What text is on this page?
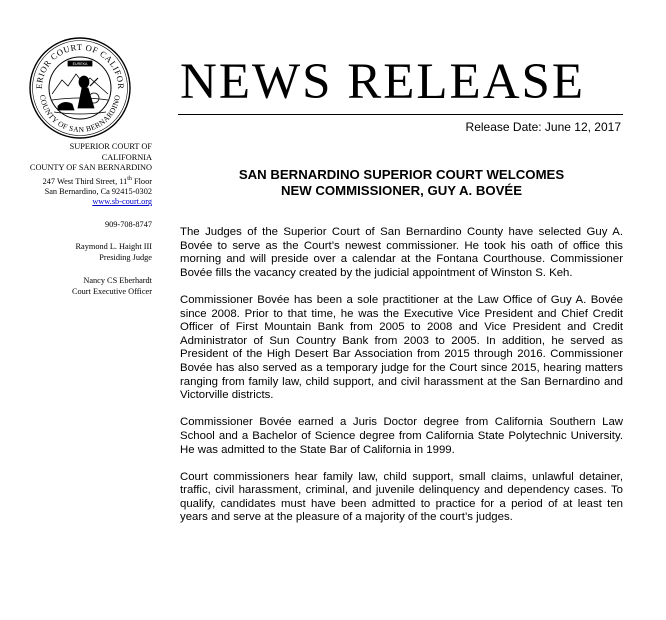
ERIOR COURT OF CALIFOR
COUNTY OF SAN BERNARDINO
EUREKA
SUPERIOR COURT OF
CALIFORNIA
COUNTY OF SAN BERNARDINO
247 West Third Street, 11th Floor
San Bernardino, Ca 92415-0302
www.sb-court.org
909-708-8747
Raymond L. Haight III
Presiding Judge
Nancy CS Eberhardt
Court Executive Officer
NEWS RELEASE
Release Date: June 12, 2017
SAN BERNARDINO SUPERIOR COURT WELCOMES
NEW COMMISSIONER, GUY A. BOVÉE

The Judges of the Superior Court of San Bernardino County have selected Guy A. Bovée to serve as the Court’s newest commissioner. He took his oath of office this morning and will preside over a calendar at the Fontana Courthouse. Commissioner Bovée fills the vacancy created by the judicial appointment of Winston S. Keh.

Commissioner Bovée has been a sole practitioner at the Law Office of Guy A. Bovée since 2008. Prior to that time, he was the Executive Vice President and Chief Credit Officer of First Mountain Bank from 2005 to 2008 and Vice President and Credit Administrator of Sun Country Bank from 2003 to 2005. In addition, he served as President of the High Desert Bar Association from 2015 through 2016. Commissioner Bovée has also served as a temporary judge for the Court since 2015, hearing matters ranging from family law, child support, and civil harassment at the San Bernardino and Victorville districts.

Commissioner Bovée earned a Juris Doctor degree from California Southern Law School and a Bachelor of Science degree from California State Polytechnic University. He was admitted to the State Bar of California in 1999.

Court commissioners hear family law, child support, small claims, unlawful detainer, traffic, civil harassment, criminal, and juvenile delinquency and dependency cases. To qualify, candidates must have been admitted to practice for a period of at least ten years and serve at the pleasure of a majority of the court’s judges.
